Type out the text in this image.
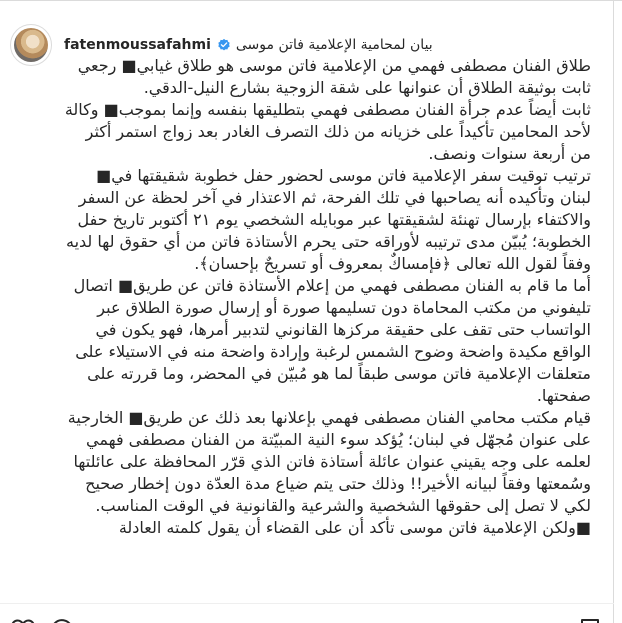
fatenmoussafahmi بيان لمحامية الإعلامية فاتن موسى

طلاق الفنان مصطفى فهمي من الإعلامية فاتن موسى هو طلاق غيابي■ رجعي ثابت بوثيقة الطلاق أن عنوانها على شقة الزوجية بشارع النيل-الدقي.

ثابت أيضاً عدم جرأة الفنان مصطفى فهمي بتطليقها بنفسه وإنما بموجب■ وكالة لأحد المحامين تأكيداً على خزيانه من ذلك التصرف الغادر بعد زواج استمر أكثر من أربعة سنوات ونصف.

ترتيب توقيت سفر الإعلامية فاتن موسى لحضور حفل خطوبة شقيقتها في■ لبنان وتأكيده أنه يصاحبها في تلك الفرحة، ثم الاعتذار في آخر لحظة عن السفر

والاكتفاء بإرسال تهنئة لشقيقتها عبر موبايله الشخصي يوم ٢١ أكتوبر تاريخ حفل الخطوبة؛ يُبيّن مدى ترتيبه لأوراقه حتى يحرم الأستاذة فاتن من أي حقوق لها لديه وفقاً لقول الله تعالى ﴿فإمساكٌ بمعروف أو تسريحٌ بإحسان﴾.

أما ما قام به الفنان مصطفى فهمي من إعلام الأستاذة فاتن عن طريق■ اتصال تليفوني من مكتب المحاماة دون تسليمها صورة أو إرسال صورة الطلاق عبر الواتساب حتى تقف على حقيقة مركزها القانوني لتدبير أمرها، فهو يكون في الواقع مكيدة واضحة وضوح الشمس لرغبة وإرادة واضحة منه في الاستيلاء على متعلقات الإعلامية فاتن موسى طبقاً لما هو مُبيّن في المحضر، وما قررته على صفحتها.

قيام مكتب محامي الفنان مصطفى فهمي بإعلانها بعد ذلك عن طريق■ الخارجية على عنوان مُجهّل في لبنان؛ يُؤكد سوء النية المبيّتة من الفنان مصطفى فهمي لعلمه على وجه يقيني عنوان عائلة أستاذة فاتن الذي قرّر المحافظة على عائلتها وسُمعتها وفقاً لبيانه الأخير!! وذلك حتى يتم ضياع مدة العدّة دون إخطار صحيح لكي لا تصل إلى حقوقها الشخصية والشرعية والقانونية في الوقت المناسب.

■ولكن الإعلامية فاتن موسى تأكد أن على القضاء أن يقول كلمته العادلة
